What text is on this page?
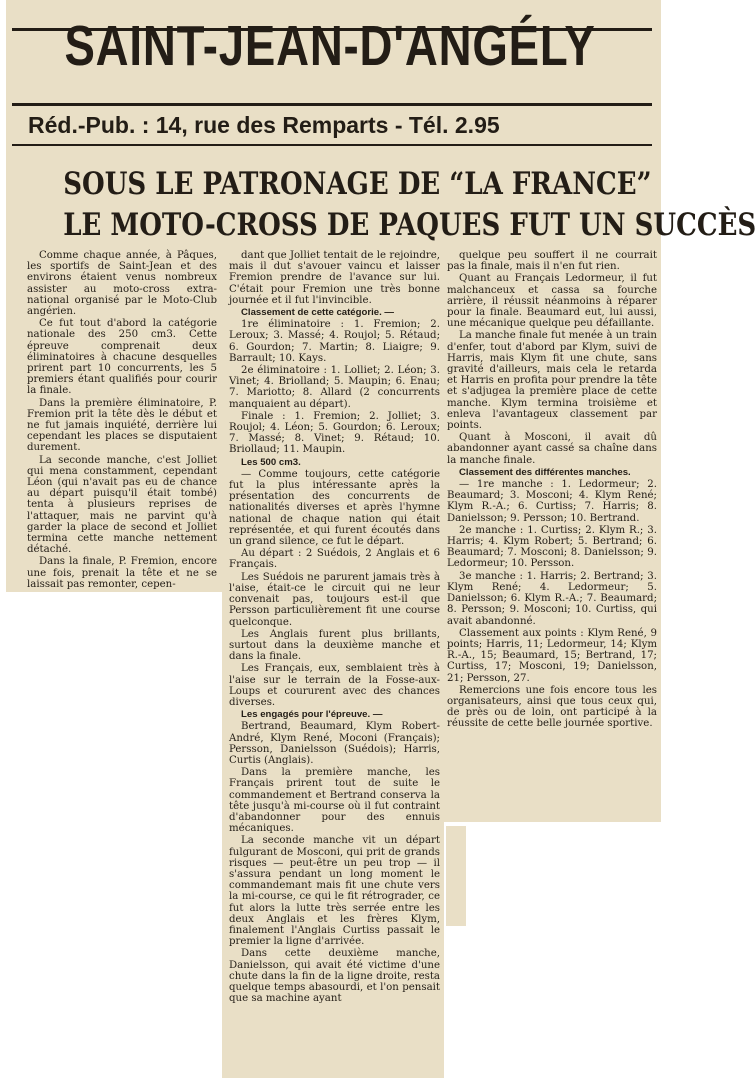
SAINT-JEAN-D'ANGÉLY
Réd.-Pub. : 14, rue des Remparts - Tél. 2.95
SOUS LE PATRONAGE DE “LA FRANCE”
LE MOTO-CROSS DE PAQUES FUT UN SUCCÈS

Comme chaque année, à Pâques, les sportifs de Saint-Jean et des environs étaient venus nombreux assister au moto-cross extra-national organisé par le Moto-Club angérien.

Ce fut tout d'abord la catégorie nationale des 250 cm3. Cette épreuve comprenait deux éliminatoires à chacune desquelles prirent part 10 concurrents, les 5 premiers étant qualifiés pour courir la finale.

Dans la première éliminatoire, P. Fremion prit la tête dès le début et ne fut jamais inquiété, derrière lui cependant les places se disputaient durement.

La seconde manche, c'est Jolliet qui mena constamment, cependant Léon (qui n'avait pas eu de chance au départ puisqu'il était tombé) tenta à plusieurs reprises de l'attaquer, mais ne parvint qu'à garder la place de second et Jolliet termina cette manche nettement détaché.

Dans la finale, P. Fremion, encore une fois, prenait la tête et ne se laissait pas remonter, cepen-

dant que Jolliet tentait de le rejoindre, mais il dut s'avouer vaincu et laisser Fremion prendre de l'avance sur lui. C'était pour Fremion une très bonne journée et il fut l'invincible.

Classement de cette catégorie. —

1re éliminatoire : 1. Fremion; 2. Leroux; 3. Massé; 4. Roujol; 5. Rétaud; 6. Gourdon; 7. Martin; 8. Liaigre; 9. Barrault; 10. Kays.

2e éliminatoire : 1. Lolliet; 2. Léon; 3. Vinet; 4. Briolland; 5. Maupin; 6. Enau; 7. Mariotto; 8. Allard (2 concurrents manquaient au départ).

Finale : 1. Fremion; 2. Jolliet; 3. Roujol; 4. Léon; 5. Gourdon; 6. Leroux; 7. Massé; 8. Vinet; 9. Rétaud; 10. Briollaud; 11. Maupin.

Les 500 cm3.

— Comme toujours, cette catégorie fut la plus intéressante après la présentation des concurrents de nationalités diverses et après l'hymne national de chaque nation qui était représentée, et qui furent écoutés dans un grand silence, ce fut le départ.

Au départ : 2 Suédois, 2 Anglais et 6 Français.

Les Suédois ne parurent jamais très à l'aise, était-ce le circuit qui ne leur convenait pas, toujours est-il que Persson particulièrement fit une course quelconque.

Les Anglais furent plus brillants, surtout dans la deuxième manche et dans la finale.

Les Français, eux, semblaient très à l'aise sur le terrain de la Fosse-aux-Loups et coururent avec des chances diverses.

Les engagés pour l'épreuve. —

Bertrand, Beaumard, Klym Robert-André, Klym René, Moconi (Français); Persson, Danielsson (Suédois); Harris, Curtis (Anglais).

Dans la première manche, les Français prirent tout de suite le commandement et Bertrand conserva la tête jusqu'à mi-course où il fut contraint d'abandonner pour des ennuis mécaniques.

La seconde manche vit un départ fulgurant de Mosconi, qui prit de grands risques — peut-être un peu trop — il s'assura pendant un long moment le commandemant mais fit une chute vers la mi-course, ce qui le fit rétrograder, ce fut alors la lutte très serrée entre les deux Anglais et les frères Klym, finalement l'Anglais Curtiss passait le premier la ligne d'arrivée.

Dans cette deuxième manche, Danielsson, qui avait été victime d'une chute dans la fin de la ligne droite, resta quelque temps abasourdi, et l'on pensait que sa machine ayant

quelque peu souffert il ne courrait pas la finale, mais il n'en fut rien.

Quant au Français Ledormeur, il fut malchanceux et cassa sa fourche arrière, il réussit néanmoins à réparer pour la finale. Beaumard eut, lui aussi, une mécanique quelque peu défaillante.

La manche finale fut menée à un train d'enfer, tout d'abord par Klym, suivi de Harris, mais Klym fit une chute, sans gravité d'ailleurs, mais cela le retarda et Harris en profita pour prendre la tête et s'adjugea la première place de cette manche. Klym termina troisième et enleva l'avantageux classement par points.

Quant à Mosconi, il avait dû abandonner ayant cassé sa chaîne dans la manche finale.

Classement des différentes manches.

— 1re manche : 1. Ledormeur; 2. Beaumard; 3. Mosconi; 4. Klym René; Klym R.-A.; 6. Curtiss; 7. Harris; 8. Danielsson; 9. Persson; 10. Bertrand.

2e manche : 1. Curtiss; 2. Klym R.; 3. Harris; 4. Klym Robert; 5. Bertrand; 6. Beaumard; 7. Mosconi; 8. Danielsson; 9. Ledormeur; 10. Persson.

3e manche : 1. Harris; 2. Bertrand; 3. Klym René; 4. Ledormeur; 5. Danielsson; 6. Klym R.-A.; 7. Beaumard; 8. Persson; 9. Mosconi; 10. Curtiss, qui avait abandonné.

Classement aux points : Klym René, 9 points; Harris, 11; Ledormeur, 14; Klym R.-A., 15; Beaumard, 15; Bertrand, 17; Curtiss, 17; Mosconi, 19; Danielsson, 21; Persson, 27.

Remercions une fois encore tous les organisateurs, ainsi que tous ceux qui, de près ou de loin, ont participé à la réussite de cette belle journée sportive.
